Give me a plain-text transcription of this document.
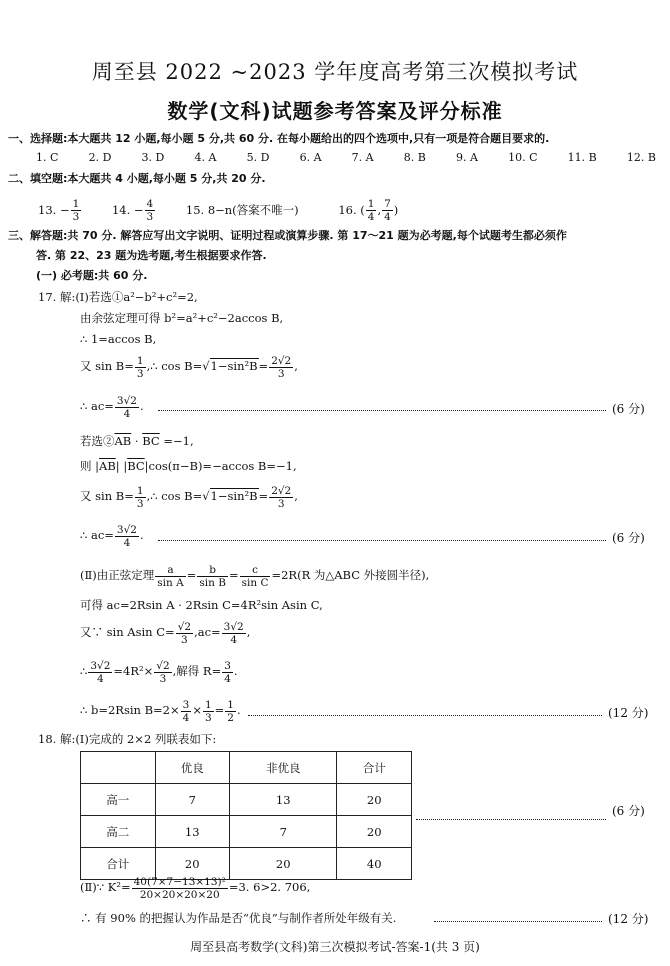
周至县 2022 ~2023 学年度高考第三次模拟考试
数学(文科)试题参考答案及评分标准
一、选择题:本大题共 12 小题,每小题 5 分,共 60 分. 在每小题给出的四个选项中,只有一项是符合题目要求的.
1. C	2. D	3. D	4. A	5. D	6. A	7. A	8. B	9. A	10. C	11. B	12. B
二、填空题:本大题共 4 小题,每小题 5 分,共 20 分.
13. − $\frac{1}{3}$	14. − $\frac{4}{3}$	15. 8−n(答案不唯一)	16. ( $\frac{1}{4}$ , $\frac{7}{4}$ )
三、解答题:共 70 分. 解答应写出文字说明、证明过程或演算步骤. 第 17～21 题为必考题,每个试题考生都必须作
答. 第 22、23 题为选考题,考生根据要求作答.
(一) 必考题:共 60 分.
17. 解:(Ⅰ)若选①a²−b²+c²=2,
由余弦定理可得 b²=a²+c²−2accos B,
∴ 1=accos B,
又 $\sin B= \frac{1}{3}$ ,∴ $\cos B=√1-\sin^2B= \frac{2√2}{3}$ ,
∴ $ac= \frac{3√2}{4}$ .	(6 分)
若选$②\overline{AB} \cdot \overline{BC} =-1$,
则 $|\overline{AB}|$ $|\overline{BC}|\cos(\pi-B)=-accos$ B=−1,
又 $\sin B= \frac{1}{3}$ ,∴ $\cos B=√1-\sin^2B= \frac{2√2}{3}$ ,
∴ $ac= \frac{3√2}{4}$ .	(6 分)
(Ⅱ)由正弦定理 $\frac{a}{\text{sin A}} = \frac{b}{\text{sin B}} = \frac{c}{\text{sin C}} =2R(R$ 为△ABC 外接圆半径),
可得 ac=2Rsin A · 2Rsin C=4R²sin Asin C,
又∵ sin Asin $C= \frac{√2}{3} ,ac= \frac{3√2}{4}$ ,
∴ $\frac{3√2}{4} =4R^2\times \frac{√2}{3}$ ,解得 $R= \frac{3}{4}$ .
∴ b=2Rsin $B=2\times \frac{3}{4} \times \frac{1}{3} = \frac{1}{2}$ .	(12 分)
18. 解:(Ⅰ)完成的 2×2 列联表如下:
	优良	非优良	合计
高一	7	13	20
高二	13	7	20
合计	20	20	40
(6 分)
(Ⅱ)∵ $K^2= \frac{\text{40(7×7−13×13)²}}{20\times 20\times 20\times 20} =3$. 6>2. 706,
∴ 有 90% 的把握认为作品是否“优良”与制作者所处年级有关.	(12 分)
周至县高考数学(文科)第三次模拟考试-答案-1(共 3 页)
